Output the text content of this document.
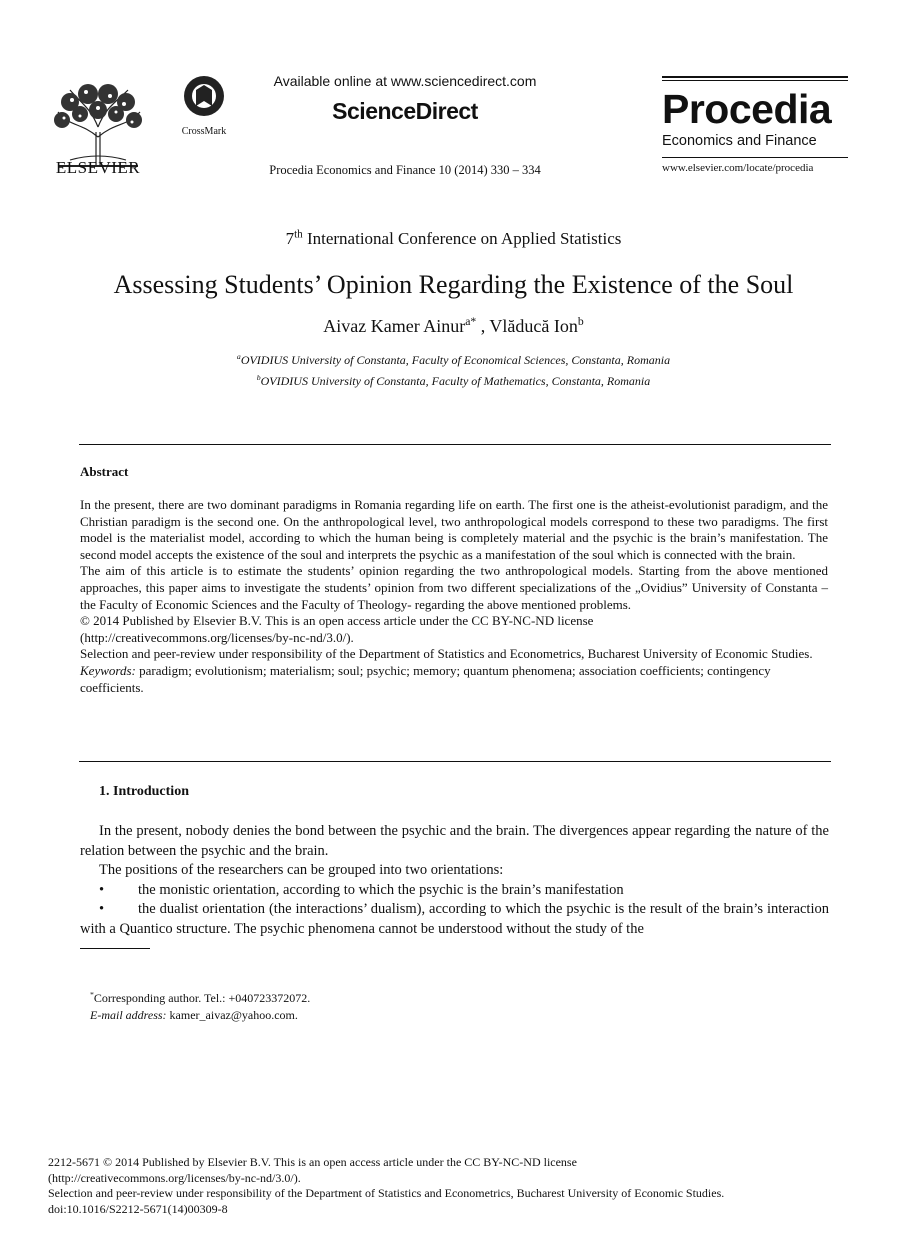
ELSEVIER
CrossMark
Available online at www.sciencedirect.com
ScienceDirect
Procedia Economics and Finance 10 (2014) 330 – 334
Procedia
Economics and Finance
www.elsevier.com/locate/procedia
7th International Conference on Applied Statistics
Assessing Students’ Opinion Regarding the Existence of the Soul
Aivaz Kamer Ainur$^{a*}$ , Vlăducă Ion$^b$
$^a$OVIDIUS University of Constanta, Faculty of Economical Sciences, Constanta, Romania
$^b$OVIDIUS University of Constanta, Faculty of Mathematics, Constanta, Romania
Abstract

In the present, there are two dominant paradigms in Romania regarding life on earth. The first one is the atheist-evolutionist paradigm, and the Christian paradigm is the second one. On the anthropological level, two anthropological models correspond to these two paradigms. The first model is the materialist model, according to which the human being is completely material and the psychic is the brain’s manifestation. The second model accepts the existence of the soul and interprets the psychic as a manifestation of the soul which is connected with the brain.

The aim of this article is to estimate the students’ opinion regarding the two anthropological models. Starting from the above mentioned approaches, this paper aims to investigate the students’ opinion from two different specializations of the „Ovidius” University of Constanta – the Faculty of Economic Sciences and the Faculty of Theology- regarding the above mentioned problems.

© 2014 Published by Elsevier B.V. This is an open access article under the CC BY-NC-ND license

(http://creativecommons.org/licenses/by-nc-nd/3.0/).

Selection and peer-review under responsibility of the Department of Statistics and Econometrics, Bucharest University of Economic Studies.

Keywords: paradigm; evolutionism; materialism; soul; psychic; memory; quantum phenomena; association coefficients; contingency coefficients.

1. Introduction

In the present, nobody denies the bond between the psychic and the brain. The divergences appear regarding the nature of the relation between the psychic and the brain.

The positions of the researchers can be grouped into two orientations:

•	the monistic orientation, according to which the psychic is the brain’s manifestation

• the dualist orientation (the interactions’ dualism), according to which the psychic is the result of the brain’s interaction with a Quantico structure. The psychic phenomena cannot be understood without the study of the

*Corresponding author. Tel.: +040723372072.
E-mail address: kamer_aivaz@yahoo.com.
2212-5671 © 2014 Published by Elsevier B.V. This is an open access article under the CC BY-NC-ND license
(http://creativecommons.org/licenses/by-nc-nd/3.0/).
Selection and peer-review under responsibility of the Department of Statistics and Econometrics, Bucharest University of Economic Studies.
doi:10.1016/S2212-5671(14)00309-8
